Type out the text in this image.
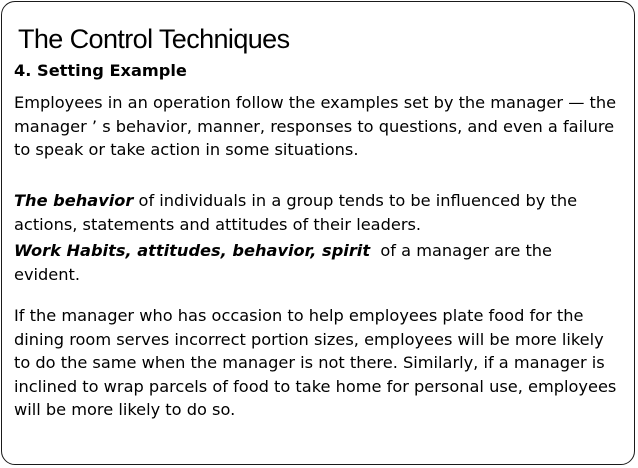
The Control Techniques

4. Setting Example

Employees in an operation follow the examples set by the manager — the manager ’ s behavior, manner, responses to questions, and even a failure to speak or take action in some situations.

The behavior of individuals in a group tends to be influenced by the actions, statements and attitudes of their leaders.

Work Habits, attitudes, behavior, spirit  of a manager are the evident.

If the manager who has occasion to help employees plate food for the dining room serves incorrect portion sizes, employees will be more likely to do the same when the manager is not there. Similarly, if a manager is inclined to wrap parcels of food to take home for personal use, employees will be more likely to do so.
